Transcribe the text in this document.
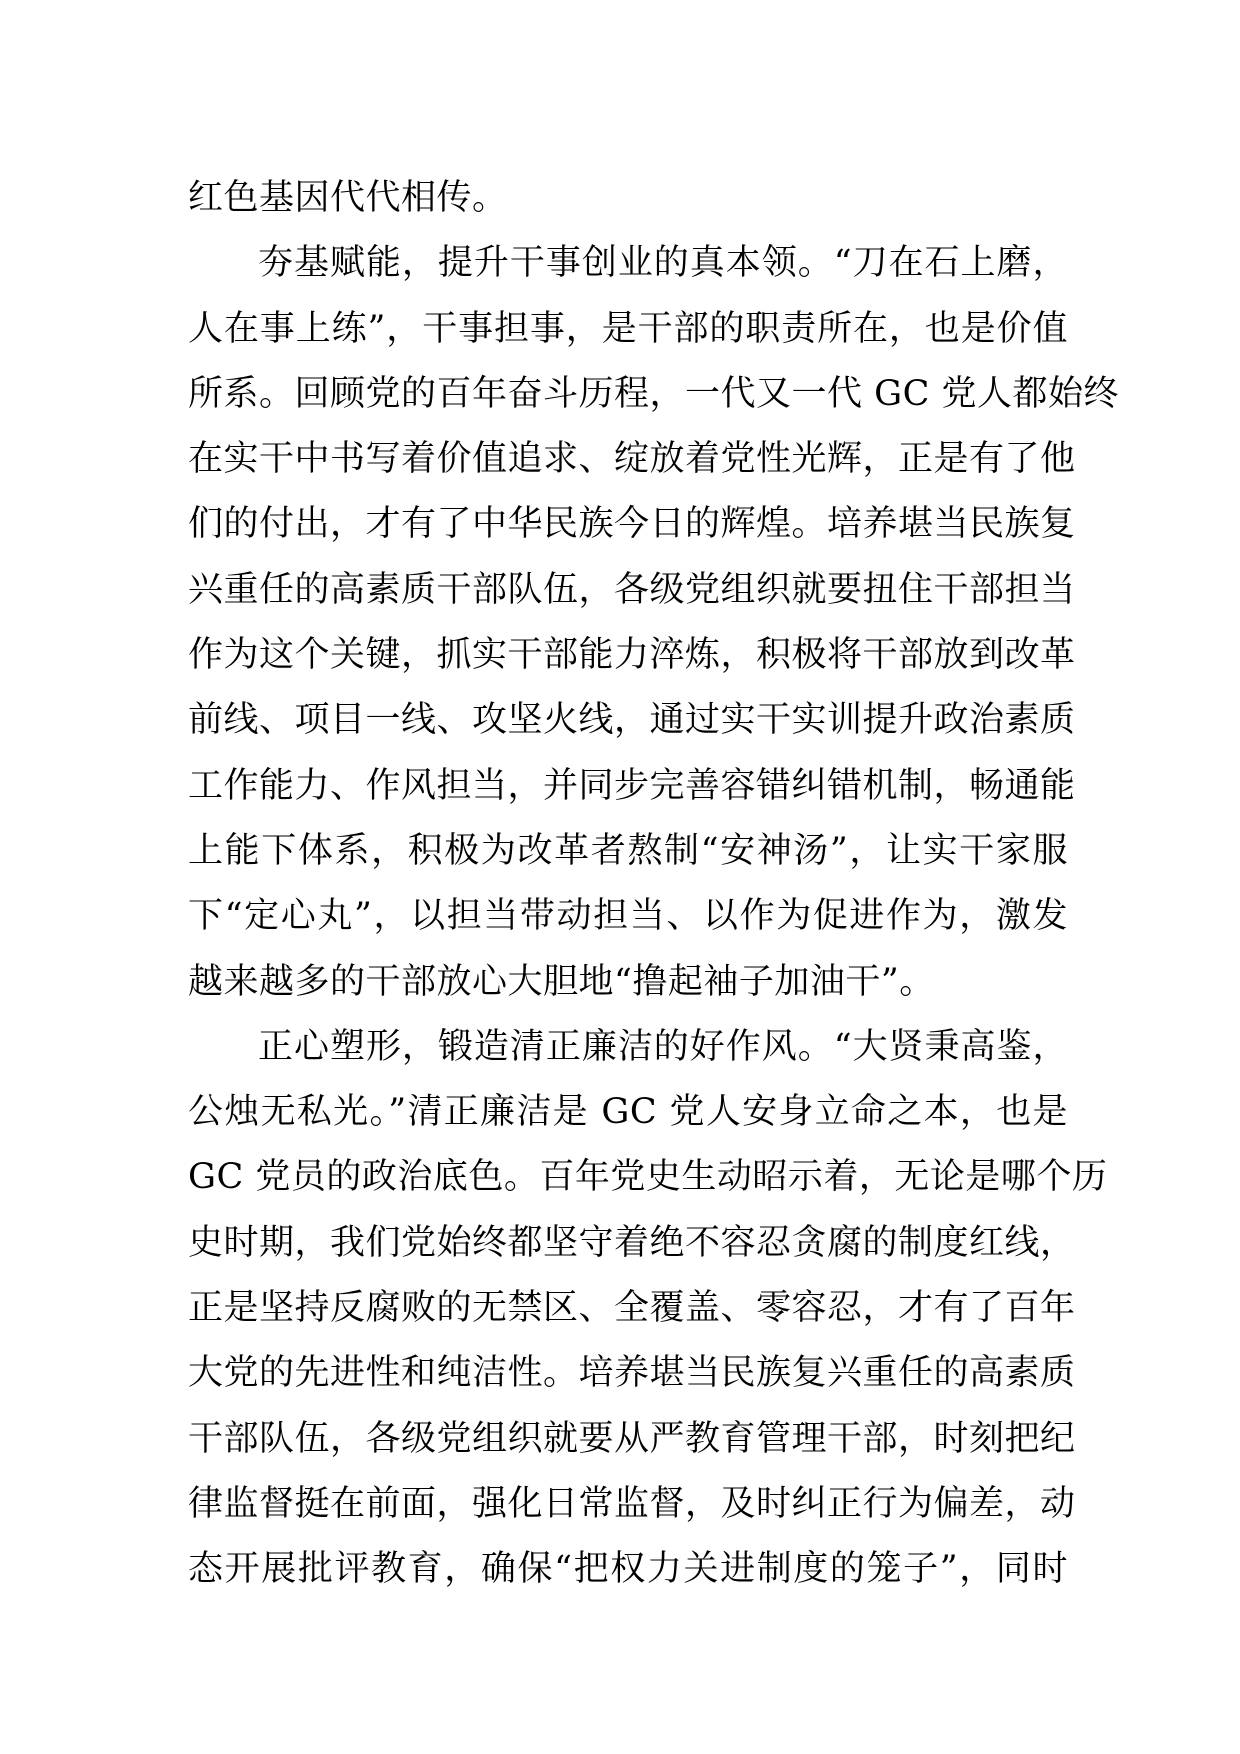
红色基因代代相传。
夯基赋能，提升干事创业的真本领。“刀在石上磨，
人在事上练”，干事担事，是干部的职责所在，也是价值
所系。回顾党的百年奋斗历程，一代又一代 GC 党人都始终
在实干中书写着价值追求、绽放着党性光辉，正是有了他
们的付出，才有了中华民族今日的辉煌。培养堪当民族复
兴重任的高素质干部队伍，各级党组织就要扭住干部担当
作为这个关键，抓实干部能力淬炼，积极将干部放到改革
前线、项目一线、攻坚火线，通过实干实训提升政治素质
工作能力、作风担当，并同步完善容错纠错机制，畅通能
上能下体系，积极为改革者熬制“安神汤”，让实干家服
下“定心丸”，以担当带动担当、以作为促进作为，激发
越来越多的干部放心大胆地“撸起袖子加油干”。
正心塑形，锻造清正廉洁的好作风。“大贤秉高鉴，
公烛无私光。”清正廉洁是 GC 党人安身立命之本，也是
GC 党员的政治底色。百年党史生动昭示着，无论是哪个历
史时期，我们党始终都坚守着绝不容忍贪腐的制度红线，
正是坚持反腐败的无禁区、全覆盖、零容忍，才有了百年
大党的先进性和纯洁性。培养堪当民族复兴重任的高素质
干部队伍，各级党组织就要从严教育管理干部，时刻把纪
律监督挺在前面，强化日常监督，及时纠正行为偏差，动
态开展批评教育，确保“把权力关进制度的笼子”，同时
